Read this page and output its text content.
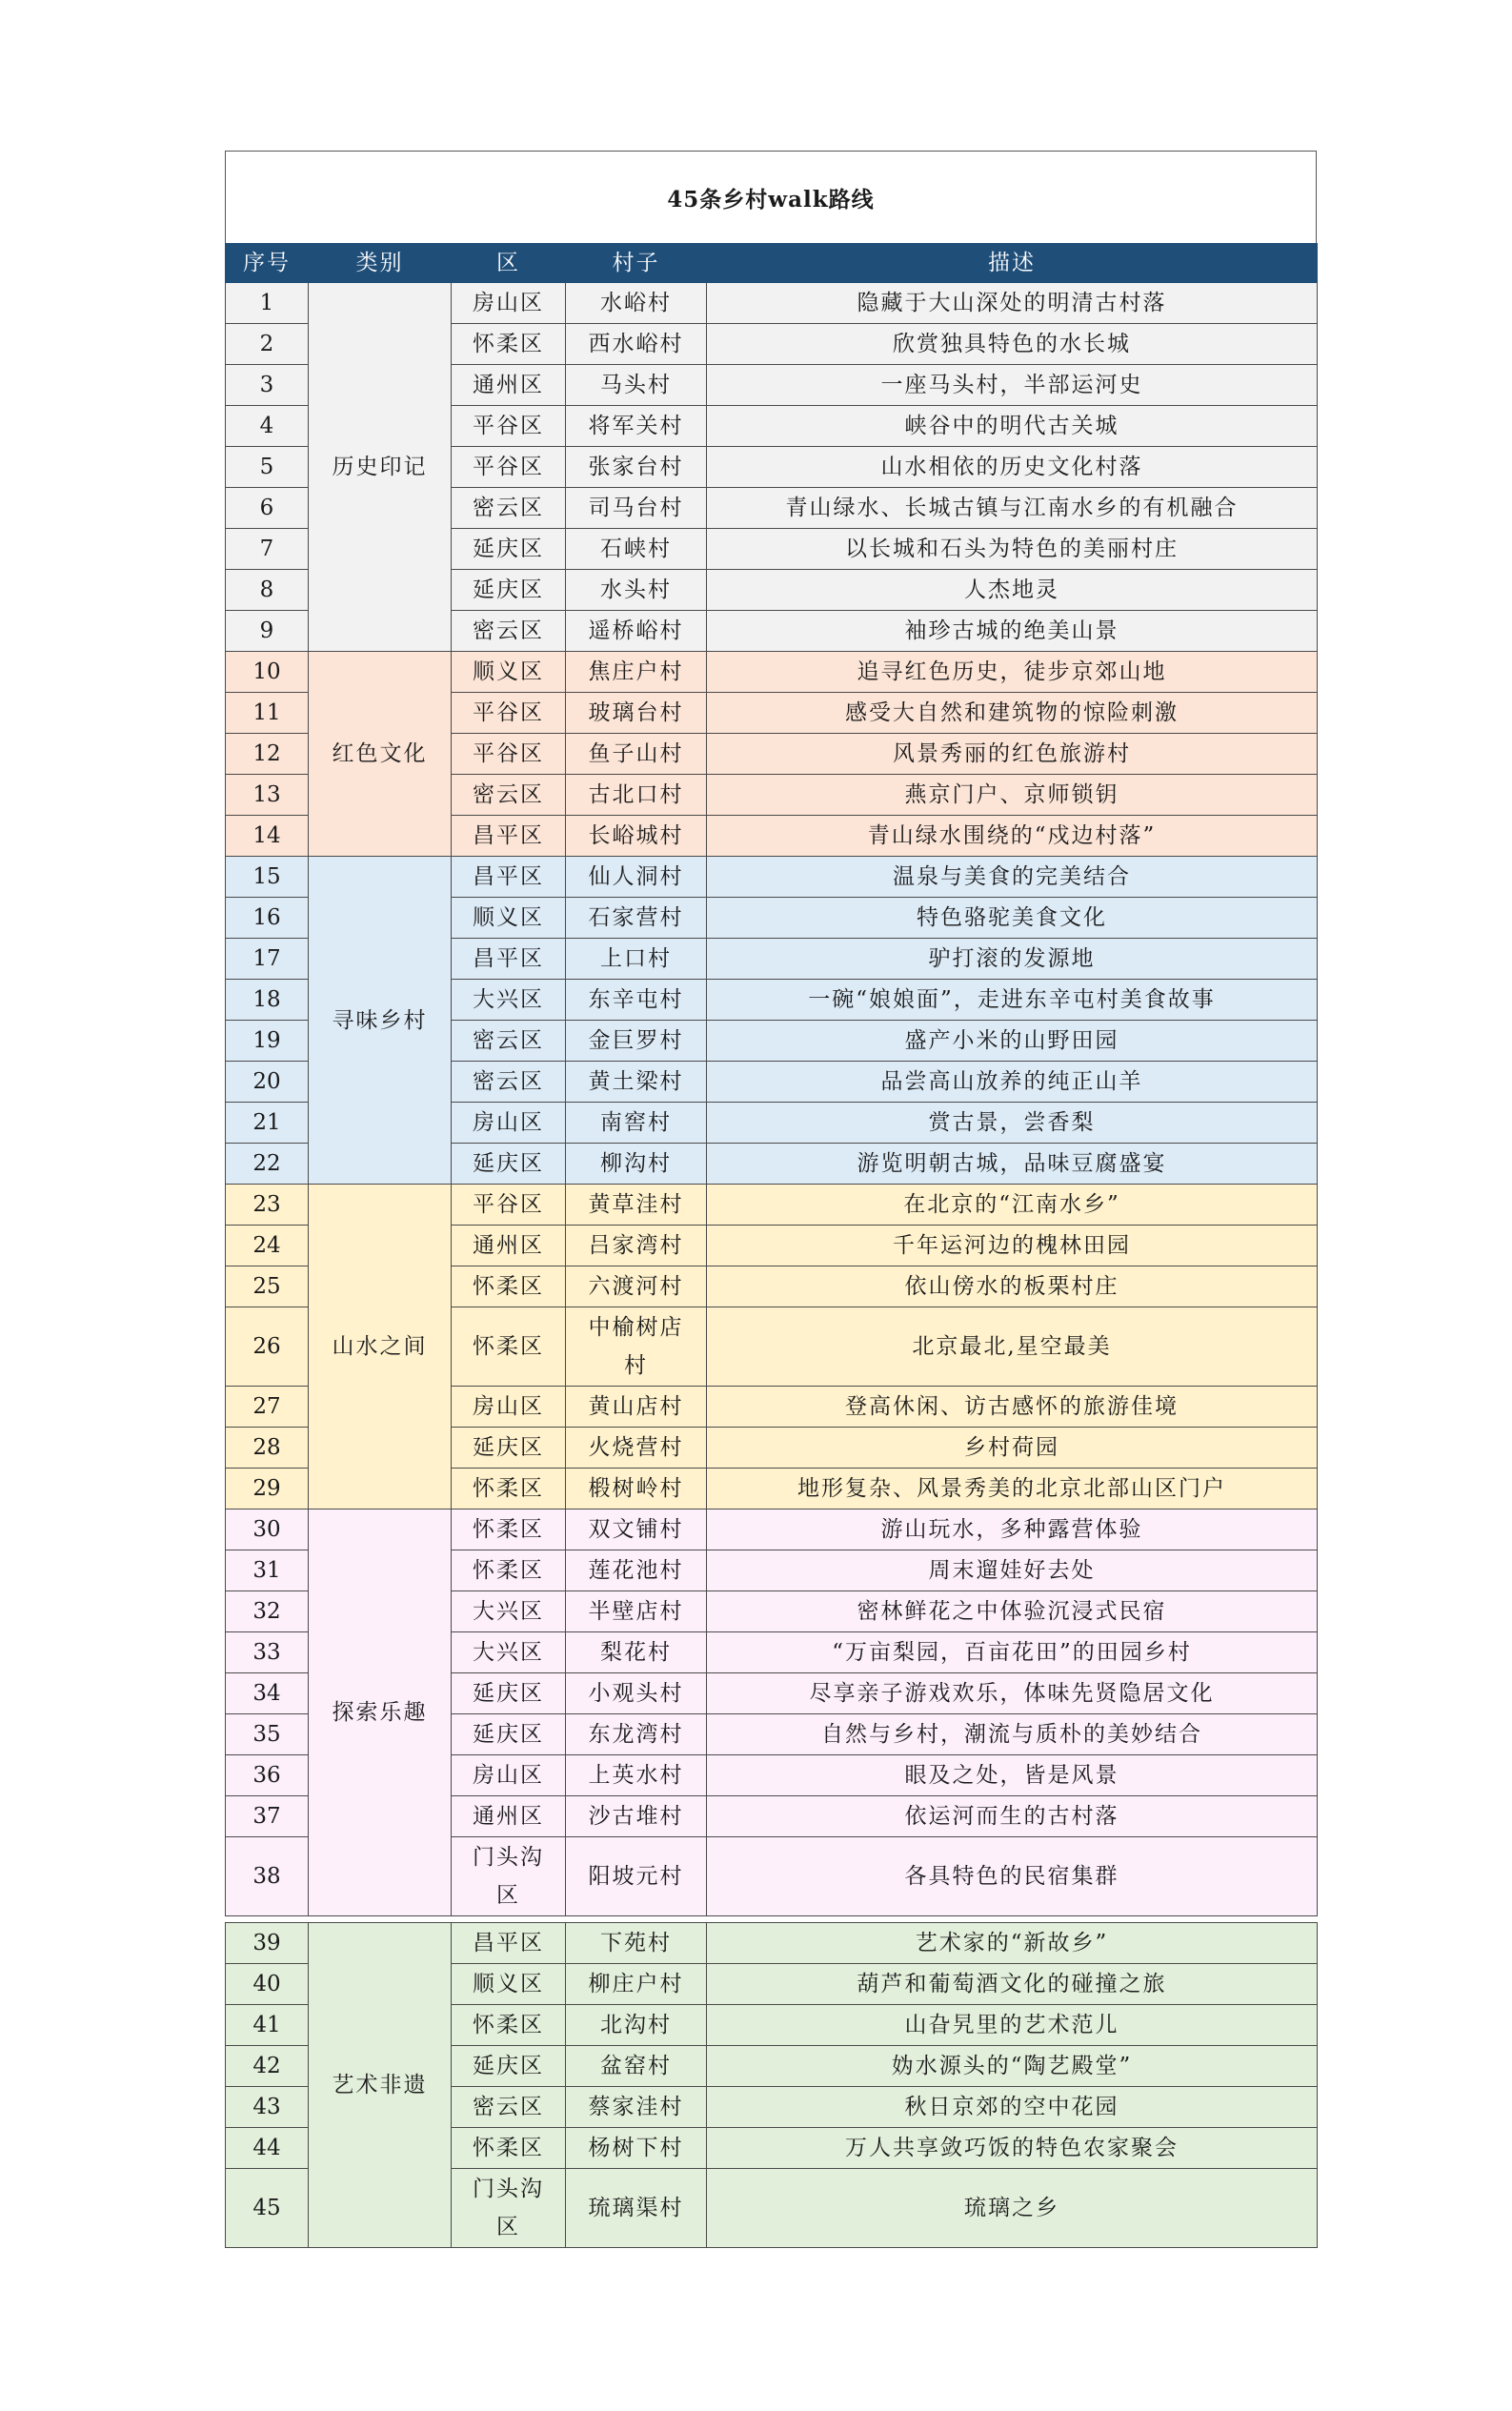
45条乡村walk路线
序号	类别	区	村子	描述
1	历史印记	房山区	水峪村	隐藏于大山深处的明清古村落
2		怀柔区	西水峪村	欣赏独具特色的水长城
3		通州区	马头村	一座马头村，半部运河史
4		平谷区	将军关村	峡谷中的明代古关城
5		平谷区	张家台村	山水相依的历史文化村落
6		密云区	司马台村	青山绿水、长城古镇与江南水乡的有机融合
7		延庆区	石峡村	以长城和石头为特色的美丽村庄
8		延庆区	水头村	人杰地灵
9		密云区	遥桥峪村	袖珍古城的绝美山景
10	红色文化	顺义区	焦庄户村	追寻红色历史，徒步京郊山地
11		平谷区	玻璃台村	感受大自然和建筑物的惊险刺激
12		平谷区	鱼子山村	风景秀丽的红色旅游村
13		密云区	古北口村	燕京门户、京师锁钥
14		昌平区	长峪城村	青山绿水围绕的“戍边村落”
15	寻味乡村	昌平区	仙人洞村	温泉与美食的完美结合
16		顺义区	石家营村	特色骆驼美食文化
17		昌平区	上口村	驴打滚的发源地
18		大兴区	东辛屯村	一碗“娘娘面”，走进东辛屯村美食故事
19		密云区	金巨罗村	盛产小米的山野田园
20		密云区	黄土梁村	品尝高山放养的纯正山羊
21		房山区	南窖村	赏古景，尝香梨
22		延庆区	柳沟村	游览明朝古城，品味豆腐盛宴
23	山水之间	平谷区	黄草洼村	在北京的“江南水乡”
24		通州区	吕家湾村	千年运河边的槐林田园
25		怀柔区	六渡河村	依山傍水的板栗村庄
26		怀柔区	中榆树店村	北京最北,星空最美
27		房山区	黄山店村	登高休闲、访古感怀的旅游佳境
28		延庆区	火烧营村	乡村荷园
29		怀柔区	椴树岭村	地形复杂、风景秀美的北京北部山区门户
30	探索乐趣	怀柔区	双文铺村	游山玩水，多种露营体验
31		怀柔区	莲花池村	周末遛娃好去处
32		大兴区	半壁店村	密林鲜花之中体验沉浸式民宿
33		大兴区	梨花村	“万亩梨园，百亩花田”的田园乡村
34		延庆区	小观头村	尽享亲子游戏欢乐，体味先贤隐居文化
35		延庆区	东龙湾村	自然与乡村，潮流与质朴的美妙结合
36		房山区	上英水村	眼及之处，皆是风景
37		通州区	沙古堆村	依运河而生的古村落
38		门头沟区	阳坡元村	各具特色的民宿集群

39	艺术非遗	昌平区	下苑村	艺术家的“新故乡”
40		顺义区	柳庄户村	葫芦和葡萄酒文化的碰撞之旅
41		怀柔区	北沟村	山旮旯里的艺术范儿
42		延庆区	盆窑村	妫水源头的“陶艺殿堂”
43		密云区	蔡家洼村	秋日京郊的空中花园
44		怀柔区	杨树下村	万人共享敛巧饭的特色农家聚会
45		门头沟区	琉璃渠村	琉璃之乡
